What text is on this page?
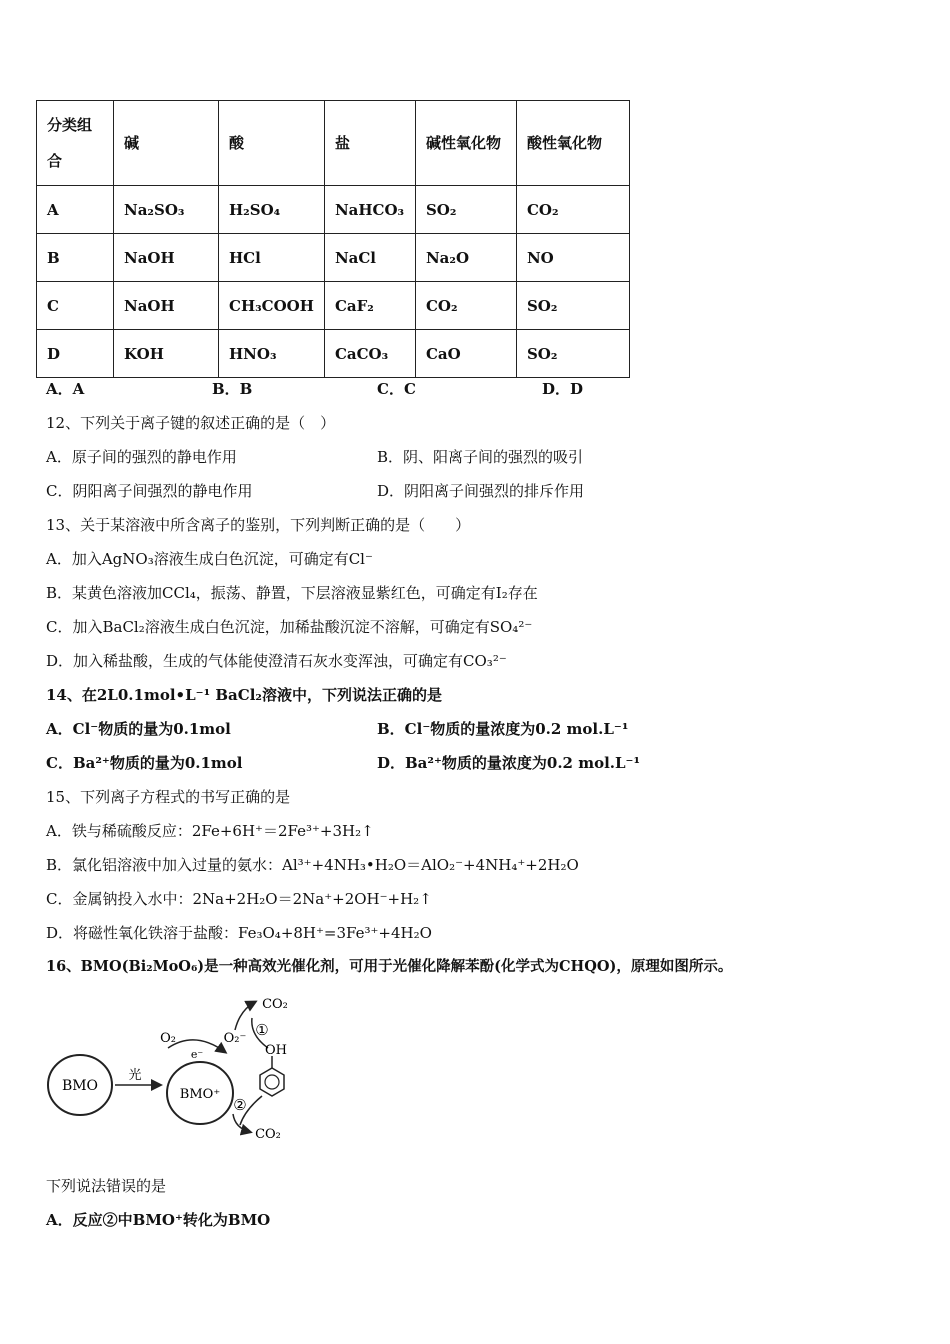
分类组合	碱	酸	盐	碱性氧化物	酸性氧化物
A	Na₂SO₃	H₂SO₄	NaHCO₃	SO₂	CO₂
B	NaOH	HCl	NaCl	Na₂O	NO
C	NaOH	CH₃COOH	CaF₂	CO₂	SO₂
D	KOH	HNO₃	CaCO₃	CaO	SO₂
A．A	B．B	C．C	D．D
12、下列关于离子键的叙述正确的是（　）
A．原子间的强烈的静电作用	B．阴、阳离子间的强烈的吸引
C．阴阳离子间强烈的静电作用	D．阴阳离子间强烈的排斥作用
13、关于某溶液中所含离子的鉴别，下列判断正确的是（　　）
A．加入AgNO₃溶液生成白色沉淀，可确定有Cl⁻
B．某黄色溶液加CCl₄，振荡、静置，下层溶液显紫红色，可确定有I₂存在
C．加入BaCl₂溶液生成白色沉淀，加稀盐酸沉淀不溶解，可确定有SO₄²⁻
D．加入稀盐酸，生成的气体能使澄清石灰水变浑浊，可确定有CO₃²⁻
14、在2L0.1mol•L⁻¹ BaCl₂溶液中，下列说法正确的是
A．Cl⁻物质的量为0.1mol	B．Cl⁻物质的量浓度为0.2 mol.L⁻¹
C．Ba²⁺物质的量为0.1mol	D．Ba²⁺物质的量浓度为0.2 mol.L⁻¹
15、下列离子方程式的书写正确的是
A．铁与稀硫酸反应：2Fe+6H⁺＝2Fe³⁺+3H₂↑
B．氯化铝溶液中加入过量的氨水：Al³⁺+4NH₃•H₂O＝AlO₂⁻+4NH₄⁺+2H₂O
C．金属钠投入水中：2Na+2H₂O＝2Na⁺+2OH⁻+H₂↑
D．将磁性氧化铁溶于盐酸：Fe₃O₄+8H⁺=3Fe³⁺+4H₂O
16、BMO(Bi₂MoO₆)是一种高效光催化剂，可用于光催化降解苯酚(化学式为CHQO)，原理如图所示。
BMO
光
BMO⁺
O₂
e⁻
O₂⁻
CO₂
①
OH
②
CO₂
下列说法错误的是
A．反应②中BMO⁺转化为BMO
